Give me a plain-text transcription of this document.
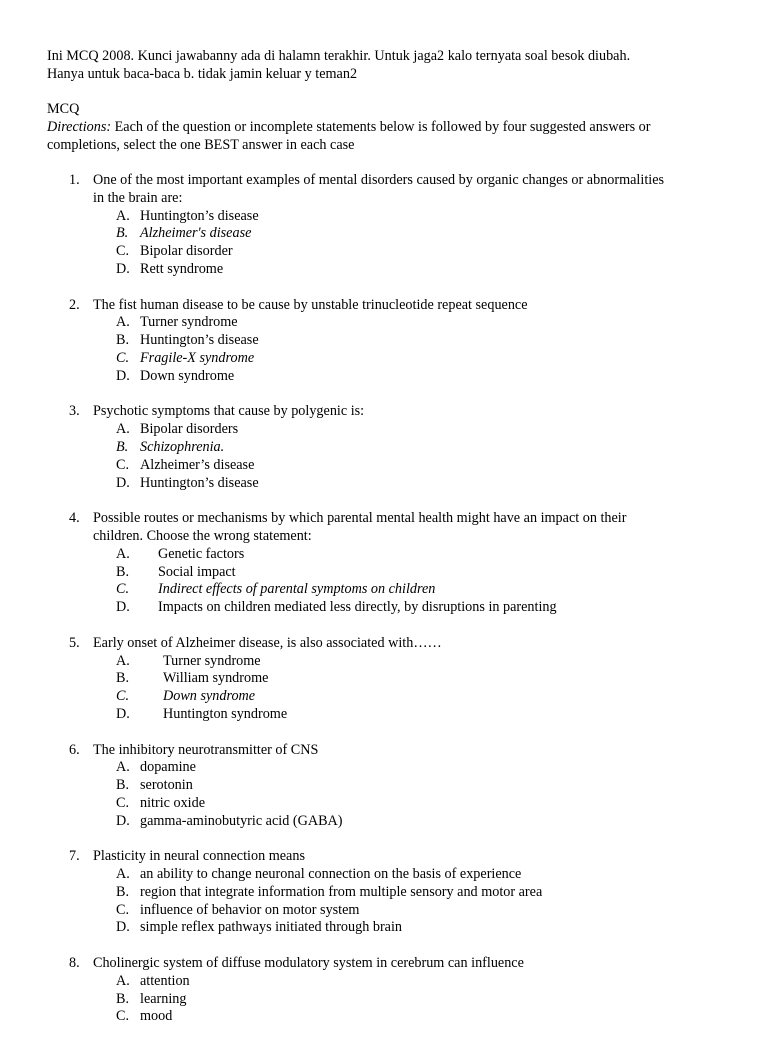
Ini MCQ 2008. Kunci jawabanny ada di halamn terakhir. Untuk jaga2 kalo ternyata soal besok diubah.
Hanya untuk baca-baca b. tidak jamin keluar y teman2
MCQ
Directions: Each of the question or incomplete statements below is followed by four suggested answers or
completions, select the one BEST answer in each case
1. One of the most important examples of mental disorders caused by organic changes or abnormalities
in the brain are:
A. Huntington’s disease
B. Alzheimer's disease
C. Bipolar disorder
D. Rett syndrome
2. The fist human disease to be cause by unstable trinucleotide repeat sequence
A. Turner syndrome
B. Huntington’s disease
C. Fragile-X syndrome
D. Down syndrome
3. Psychotic symptoms that cause by polygenic is:
A. Bipolar disorders
B. Schizophrenia.
C. Alzheimer’s disease
D. Huntington’s disease
4. Possible routes or mechanisms by which parental mental health might have an impact on their
children. Choose the wrong statement:
A. Genetic factors
B. Social impact
C. Indirect effects of parental symptoms on children
D. Impacts on children mediated less directly, by disruptions in parenting
5. Early onset of Alzheimer disease, is also associated with……
A. Turner syndrome
B. William syndrome
C. Down syndrome
D. Huntington syndrome
6. The inhibitory neurotransmitter of CNS
A. dopamine
B. serotonin
C. nitric oxide
D. gamma-aminobutyric acid (GABA)
7. Plasticity in neural connection means
A. an ability to change neuronal connection on the basis of experience
B. region that integrate information from multiple sensory and motor area
C. influence of behavior on motor system
D. simple reflex pathways initiated through brain
8. Cholinergic system of diffuse modulatory system in cerebrum can influence
A. attention
B. learning
C. mood
